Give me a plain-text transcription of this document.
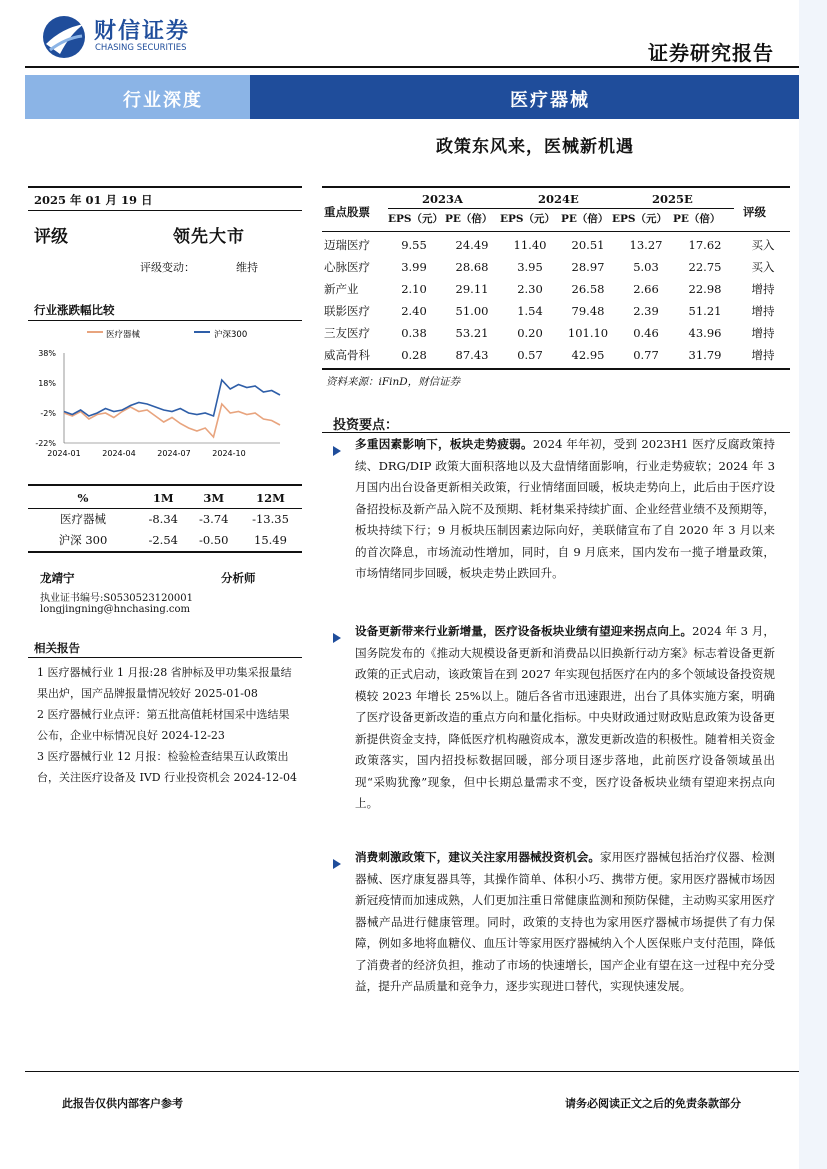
财信证券
CHASING SECURITIES	证券研究报告
行业深度	医疗器械
政策东风来，医械新机遇
2025 年 01 月 19 日
评级	领先大市
评级变动：	维持
行业涨跌幅比较
医疗器械	沪深300
38%
18%
-2%
-22%
2024-01	2024-04	2024-07	2024-10
%	1M	3M	12M
医疗器械	-8.34	-3.74	-13.35
沪深 300	-2.54	-0.50	15.49
龙靖宁	分析师
执业证书编号:S0530523120001
longjingning@hnchasing.com
相关报告
1 医疗器械行业 1 月报:28 省肿标及甲功集采报量结果出炉，国产品牌报量情况较好 2025-01-08
2 医疗器械行业点评：第五批高值耗材国采中选结果公布，企业中标情况良好 2024-12-23
3 医疗器械行业 12 月报：检验检查结果互认政策出台，关注医疗设备及 IVD 行业投资机会 2024-12-04
重点股票	评级
2023A	2024E	2025E
EPS（元） PE（倍） EPS（元） PE（倍） EPS（元） PE（倍）
迈瑞医疗	9.55	24.49	11.40	20.51	13.27	17.62	买入
心脉医疗	3.99	28.68	3.95	28.97	5.03	22.75	买入
新产业	2.10	29.11	2.30	26.58	2.66	22.98	增持
联影医疗	2.40	51.00	1.54	79.48	2.39	51.21	增持
三友医疗	0.38	53.21	0.20	101.10	0.46	43.96	增持
威高骨科	0.28	87.43	0.57	42.95	0.77	31.79	增持
资料来源：iFinD，财信证券
投资要点：
多重因素影响下，板块走势疲弱。2024 年年初，受到 2023H1 医疗反腐政策持续、DRG/DIP 政策大面积落地以及大盘情绪面影响，行业走势疲软；2024 年 3 月国内出台设备更新相关政策，行业情绪面回暖，板块走势向上，此后由于医疗设备招投标及新产品入院不及预期、耗材集采持续扩面、企业经营业绩不及预期等，板块持续下行；9 月板块压制因素边际向好，美联储宣布了自 2020 年 3 月以来的首次降息，市场流动性增加，同时，自 9 月底来，国内发布一揽子增量政策，市场情绪同步回暖，板块走势止跌回升。
设备更新带来行业新增量，医疗设备板块业绩有望迎来拐点向上。2024 年 3 月，国务院发布的《推动大规模设备更新和消费品以旧换新行动方案》标志着设备更新政策的正式启动，该政策旨在到 2027 年实现包括医疗在内的多个领域设备投资规模较 2023 年增长 25%以上。随后各省市迅速跟进，出台了具体实施方案，明确了医疗设备更新改造的重点方向和量化指标。中央财政通过财政贴息政策为设备更新提供资金支持，降低医疗机构融资成本，激发更新改造的积极性。随着相关资金政策落实，国内招投标数据回暖，部分项目逐步落地，此前医疗设备领域虽出现“采购犹豫”现象，但中长期总量需求不变，医疗设备板块业绩有望迎来拐点向上。
消费刺激政策下，建议关注家用器械投资机会。家用医疗器械包括治疗仪器、检测器械、医疗康复器具等，其操作简单、体积小巧、携带方便。家用医疗器械市场因新冠疫情而加速成熟，人们更加注重日常健康监测和预防保健，主动购买家用医疗器械产品进行健康管理。同时，政策的支持也为家用医疗器械市场提供了有力保障，例如多地将血糖仪、血压计等家用医疗器械纳入个人医保账户支付范围，降低了消费者的经济负担，推动了市场的快速增长，国产企业有望在这一过程中充分受益，提升产品质量和竞争力，逐步实现进口替代，实现快速发展。
此报告仅供内部客户参考	请务必阅读正文之后的免责条款部分
